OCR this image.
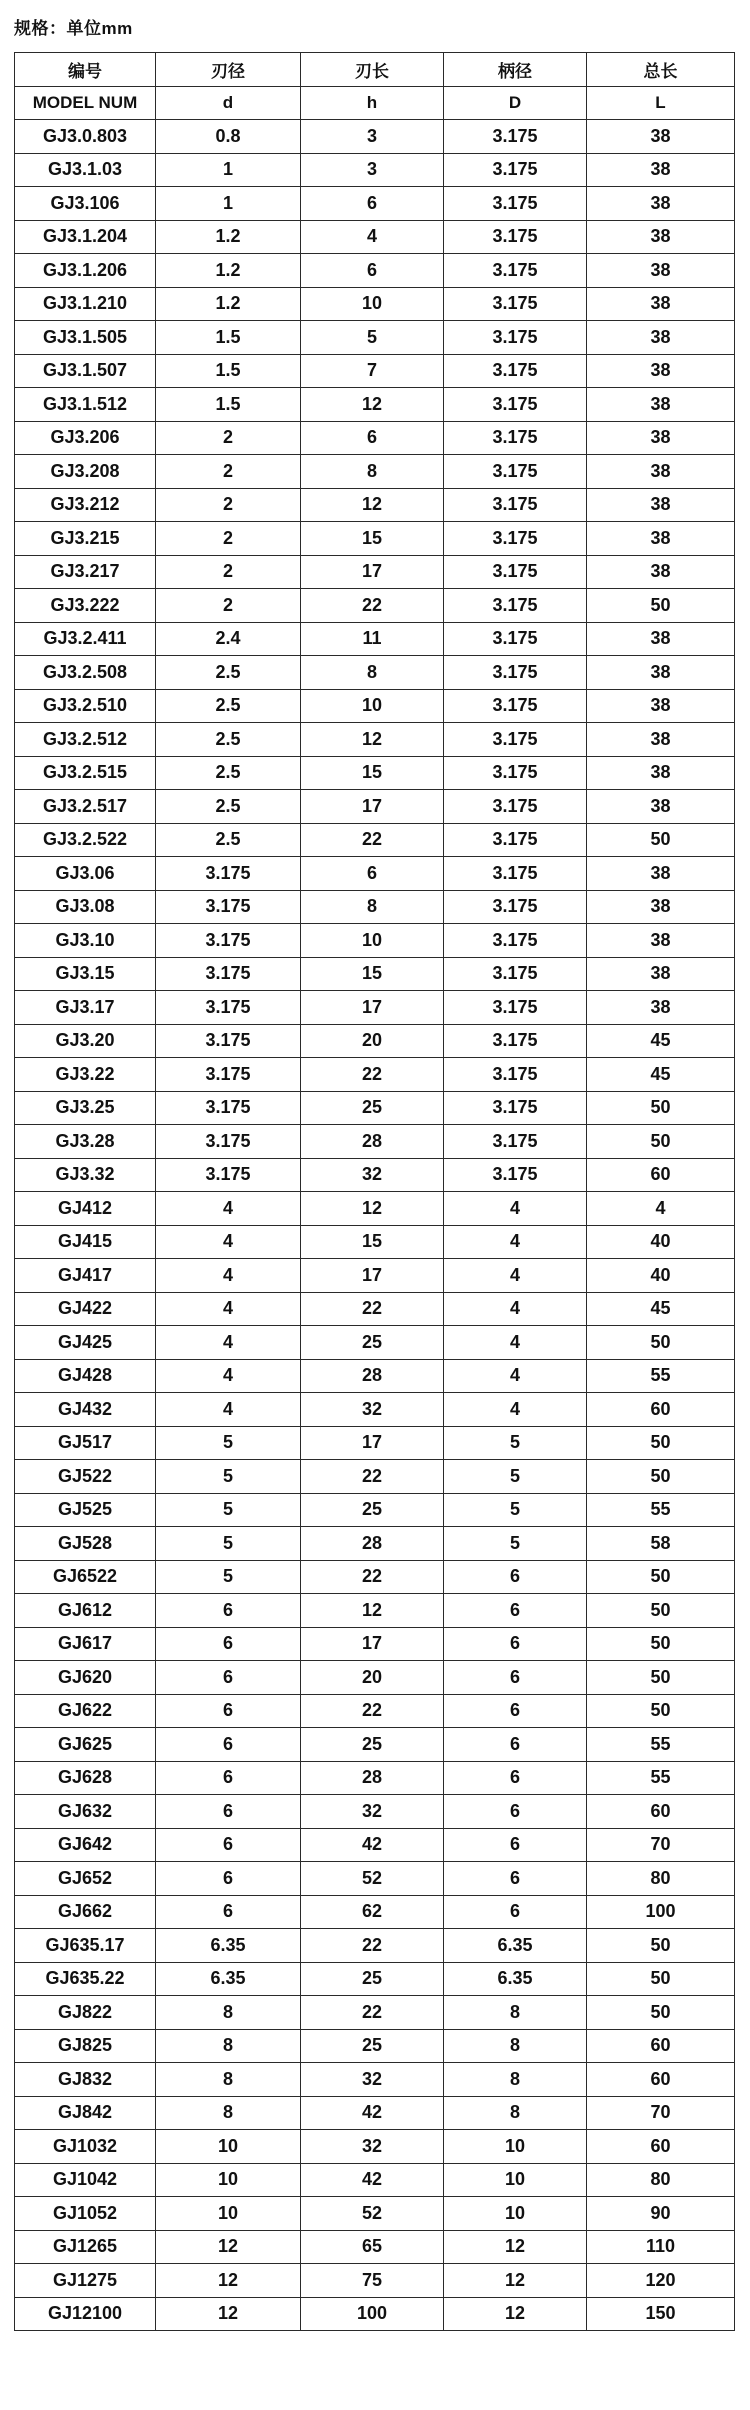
规格：单位mm
编号	刃径	刃长	柄径	总长
MODEL NUM	d	h	D	L
GJ3.0.803	0.8	3	3.175	38
GJ3.1.03	1	3	3.175	38
GJ3.106	1	6	3.175	38
GJ3.1.204	1.2	4	3.175	38
GJ3.1.206	1.2	6	3.175	38
GJ3.1.210	1.2	10	3.175	38
GJ3.1.505	1.5	5	3.175	38
GJ3.1.507	1.5	7	3.175	38
GJ3.1.512	1.5	12	3.175	38
GJ3.206	2	6	3.175	38
GJ3.208	2	8	3.175	38
GJ3.212	2	12	3.175	38
GJ3.215	2	15	3.175	38
GJ3.217	2	17	3.175	38
GJ3.222	2	22	3.175	50
GJ3.2.411	2.4	11	3.175	38
GJ3.2.508	2.5	8	3.175	38
GJ3.2.510	2.5	10	3.175	38
GJ3.2.512	2.5	12	3.175	38
GJ3.2.515	2.5	15	3.175	38
GJ3.2.517	2.5	17	3.175	38
GJ3.2.522	2.5	22	3.175	50
GJ3.06	3.175	6	3.175	38
GJ3.08	3.175	8	3.175	38
GJ3.10	3.175	10	3.175	38
GJ3.15	3.175	15	3.175	38
GJ3.17	3.175	17	3.175	38
GJ3.20	3.175	20	3.175	45
GJ3.22	3.175	22	3.175	45
GJ3.25	3.175	25	3.175	50
GJ3.28	3.175	28	3.175	50
GJ3.32	3.175	32	3.175	60
GJ412	4	12	4	4
GJ415	4	15	4	40
GJ417	4	17	4	40
GJ422	4	22	4	45
GJ425	4	25	4	50
GJ428	4	28	4	55
GJ432	4	32	4	60
GJ517	5	17	5	50
GJ522	5	22	5	50
GJ525	5	25	5	55
GJ528	5	28	5	58
GJ6522	5	22	6	50
GJ612	6	12	6	50
GJ617	6	17	6	50
GJ620	6	20	6	50
GJ622	6	22	6	50
GJ625	6	25	6	55
GJ628	6	28	6	55
GJ632	6	32	6	60
GJ642	6	42	6	70
GJ652	6	52	6	80
GJ662	6	62	6	100
GJ635.17	6.35	22	6.35	50
GJ635.22	6.35	25	6.35	50
GJ822	8	22	8	50
GJ825	8	25	8	60
GJ832	8	32	8	60
GJ842	8	42	8	70
GJ1032	10	32	10	60
GJ1042	10	42	10	80
GJ1052	10	52	10	90
GJ1265	12	65	12	110
GJ1275	12	75	12	120
GJ12100	12	100	12	150
